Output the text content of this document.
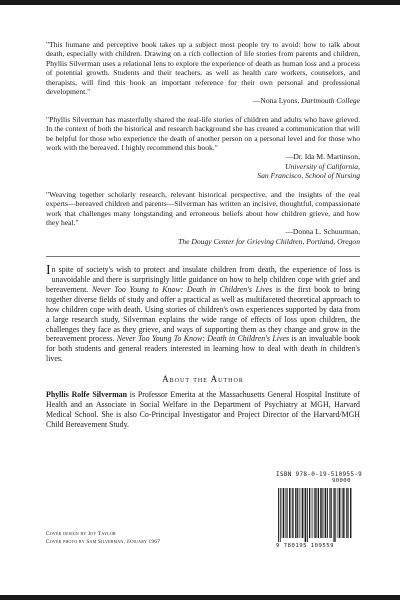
"This humane and perceptive book takes up a subject most people try to avoid: how to talk about death, especially with children. Drawing on a rich collection of life stories from parents and children, Phyllis Silverman uses a relational lens to explore the experience of death as human loss and a process of potential growth. Students and their teachers, as well as health care workers, counselors, and therapists, will find this book an important reference for their own personal and professional development."

—Nona Lyons, Dartmouth College

"Phyllis Silverman has masterfully shared the real-life stories of children and adults who have grieved. In the context of both the historical and research background she has created a communication that will be helpful for those who experience the death of another person on a personal level and for those who work with the bereaved. I highly recommend this book."

—Dr. Ida M. Martinson,
University of California,
San Francisco, School of Nursing

"Weaving together scholarly research, relevant historical perspective, and the insights of the real experts—bereaved children and parents—Silverman has written an incisive, thoughtful, compassionate work that challenges many longstanding and erroneous beliefs about how children grieve, and how they heal."

—Donna L. Schuurman,
The Dougy Center for Grieving Children, Portland, Oregon

In spite of society's wish to protect and insulate children from death, the experience of loss is unavoidable and there is surprisingly little guidance on how to help children cope with grief and bereavement. Never Too Young to Know: Death in Children's Lives is the first book to bring together diverse fields of study and offer a practical as well as multifaceted theoretical approach to how children cope with death. Using stories of children's own experiences supported by data from a large research study, Silverman explains the wide range of effects of loss upon children, the challenges they face as they grieve, and ways of supporting them as they change and grow in the bereavement process. Never Too Young To Know: Death in Children's Lives is an invaluable book for both students and general readers interested in learning how to deal with death in children's lives.

About the Author

Phyllis Rolfe Silverman is Professor Emerita at the Massachusetts General Hospital Institute of Health and an Associate in Social Welfare in the Department of Psychiatry at MGH, Harvard Medical School. She is also Co-Principal Investigator and Project Director of the Harvard/MGH Child Bereavement Study.

Cover design by Joy Taylor
Cover photo by Sam Silverman, January 1967
ISBN 978-0-19-510955-9
90000
9 780195 109559
